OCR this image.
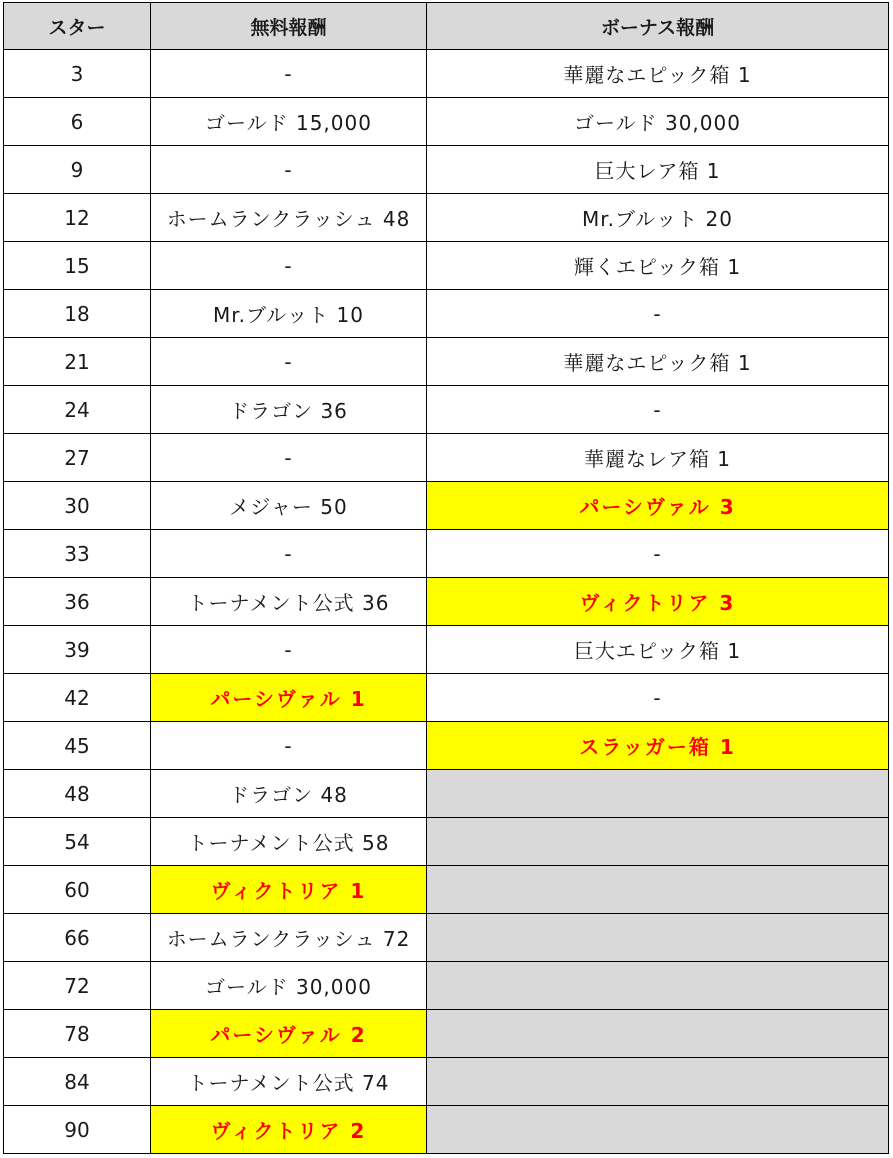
スター	無料報酬	ボーナス報酬
3	-	華麗なエピック箱 1
6	ゴールド 15,000	ゴールド 30,000
9	-	巨大レア箱 1
12	ホームランクラッシュ 48	Mr.ブルット 20
15	-	輝くエピック箱 1
18	Mr.ブルット 10	-
21	-	華麗なエピック箱 1
24	ドラゴン 36	-
27	-	華麗なレア箱 1
30	メジャー 50	パーシヴァル 3
33	-	-
36	トーナメント公式 36	ヴィクトリア 3
39	-	巨大エピック箱 1
42	パーシヴァル 1	-
45	-	スラッガー箱 1
48	ドラゴン 48	
54	トーナメント公式 58	
60	ヴィクトリア 1	
66	ホームランクラッシュ 72	
72	ゴールド 30,000	
78	パーシヴァル 2	
84	トーナメント公式 74	
90	ヴィクトリア 2	
